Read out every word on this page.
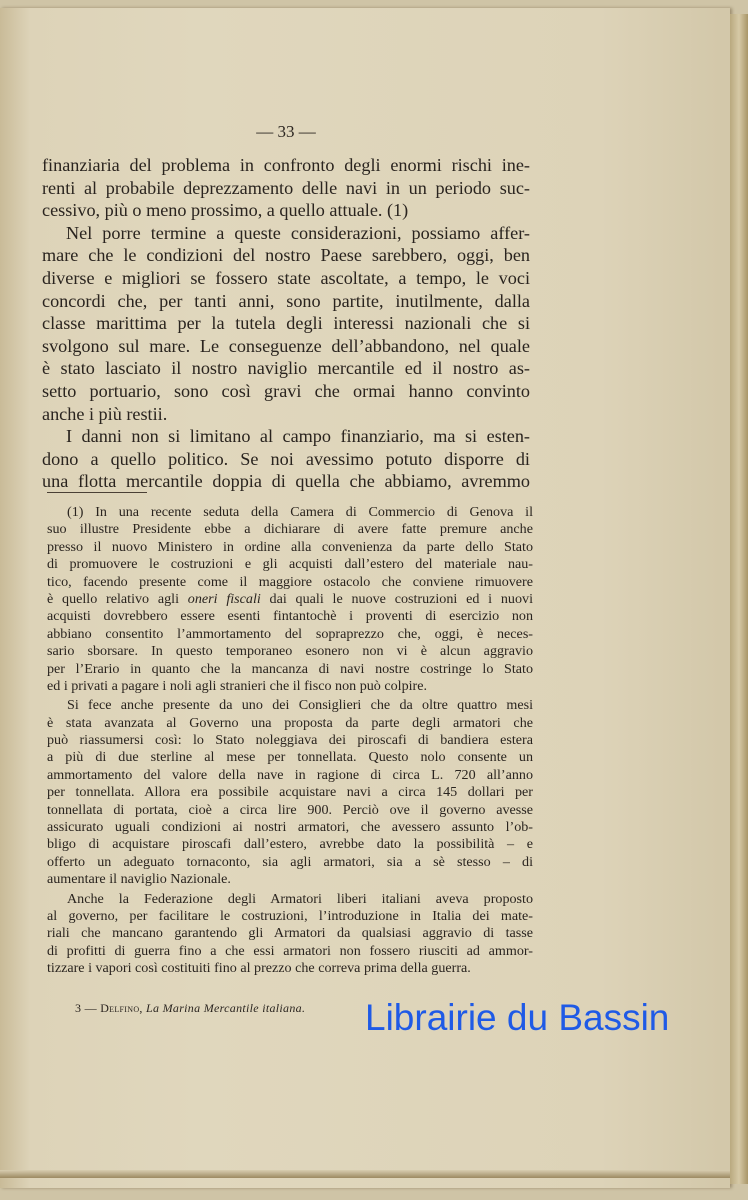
— 33 —
finanziaria del problema in confronto degli enormi rischi ine-
renti al probabile deprezzamento delle navi in un periodo suc-
cessivo, più o meno prossimo, a quello attuale. (1)
Nel porre termine a queste considerazioni, possiamo affer-
mare che le condizioni del nostro Paese sarebbero, oggi, ben
diverse e migliori se fossero state ascoltate, a tempo, le voci
concordi che, per tanti anni, sono partite, inutilmente, dalla
classe marittima per la tutela degli interessi nazionali che si
svolgono sul mare. Le conseguenze dell’abbandono, nel quale
è stato lasciato il nostro naviglio mercantile ed il nostro as-
setto portuario, sono così gravi che ormai hanno convinto
anche i più restii.
I danni non si limitano al campo finanziario, ma si esten-
dono a quello politico. Se noi avessimo potuto disporre di
una flotta mercantile doppia di quella che abbiamo, avremmo
(1) In una recente seduta della Camera di Commercio di Genova il
suo illustre Presidente ebbe a dichiarare di avere fatte premure anche
presso il nuovo Ministero in ordine alla convenienza da parte dello Stato
di promuovere le costruzioni e gli acquisti dall’estero del materiale nau-
tico, facendo presente come il maggiore ostacolo che conviene rimuovere
è quello relativo agli oneri fiscali dai quali le nuove costruzioni ed i nuovi
acquisti dovrebbero essere esenti fintantochè i proventi di esercizio non
abbiano consentito l’ammortamento del sopraprezzo che, oggi, è neces-
sario sborsare. In questo temporaneo esonero non vi è alcun aggravio
per l’Erario in quanto che la mancanza di navi nostre costringe lo Stato
ed i privati a pagare i noli agli stranieri che il fisco non può colpire.
Si fece anche presente da uno dei Consiglieri che da oltre quattro mesi
è stata avanzata al Governo una proposta da parte degli armatori che
può riassumersi così: lo Stato noleggiava dei piroscafi di bandiera estera
a più di due sterline al mese per tonnellata. Questo nolo consente un
ammortamento del valore della nave in ragione di circa L. 720 all’anno
per tonnellata. Allora era possibile acquistare navi a circa 145 dollari per
tonnellata di portata, cioè a circa lire 900. Perciò ove il governo avesse
assicurato uguali condizioni ai nostri armatori, che avessero assunto l’ob-
bligo di acquistare piroscafi dall’estero, avrebbe dato la possibilità – e
offerto un adeguato tornaconto, sia agli armatori, sia a sè stesso – di
aumentare il naviglio Nazionale.
Anche la Federazione degli Armatori liberi italiani aveva proposto
al governo, per facilitare le costruzioni, l’introduzione in Italia dei mate-
riali che mancano garantendo gli Armatori da qualsiasi aggravio di tasse
di profitti di guerra fino a che essi armatori non fossero riusciti ad ammor-
tizzare i vapori così costituiti fino al prezzo che correva prima della guerra.
3 — Delfino, La Marina Mercantile italiana. Librairie du Bassin
